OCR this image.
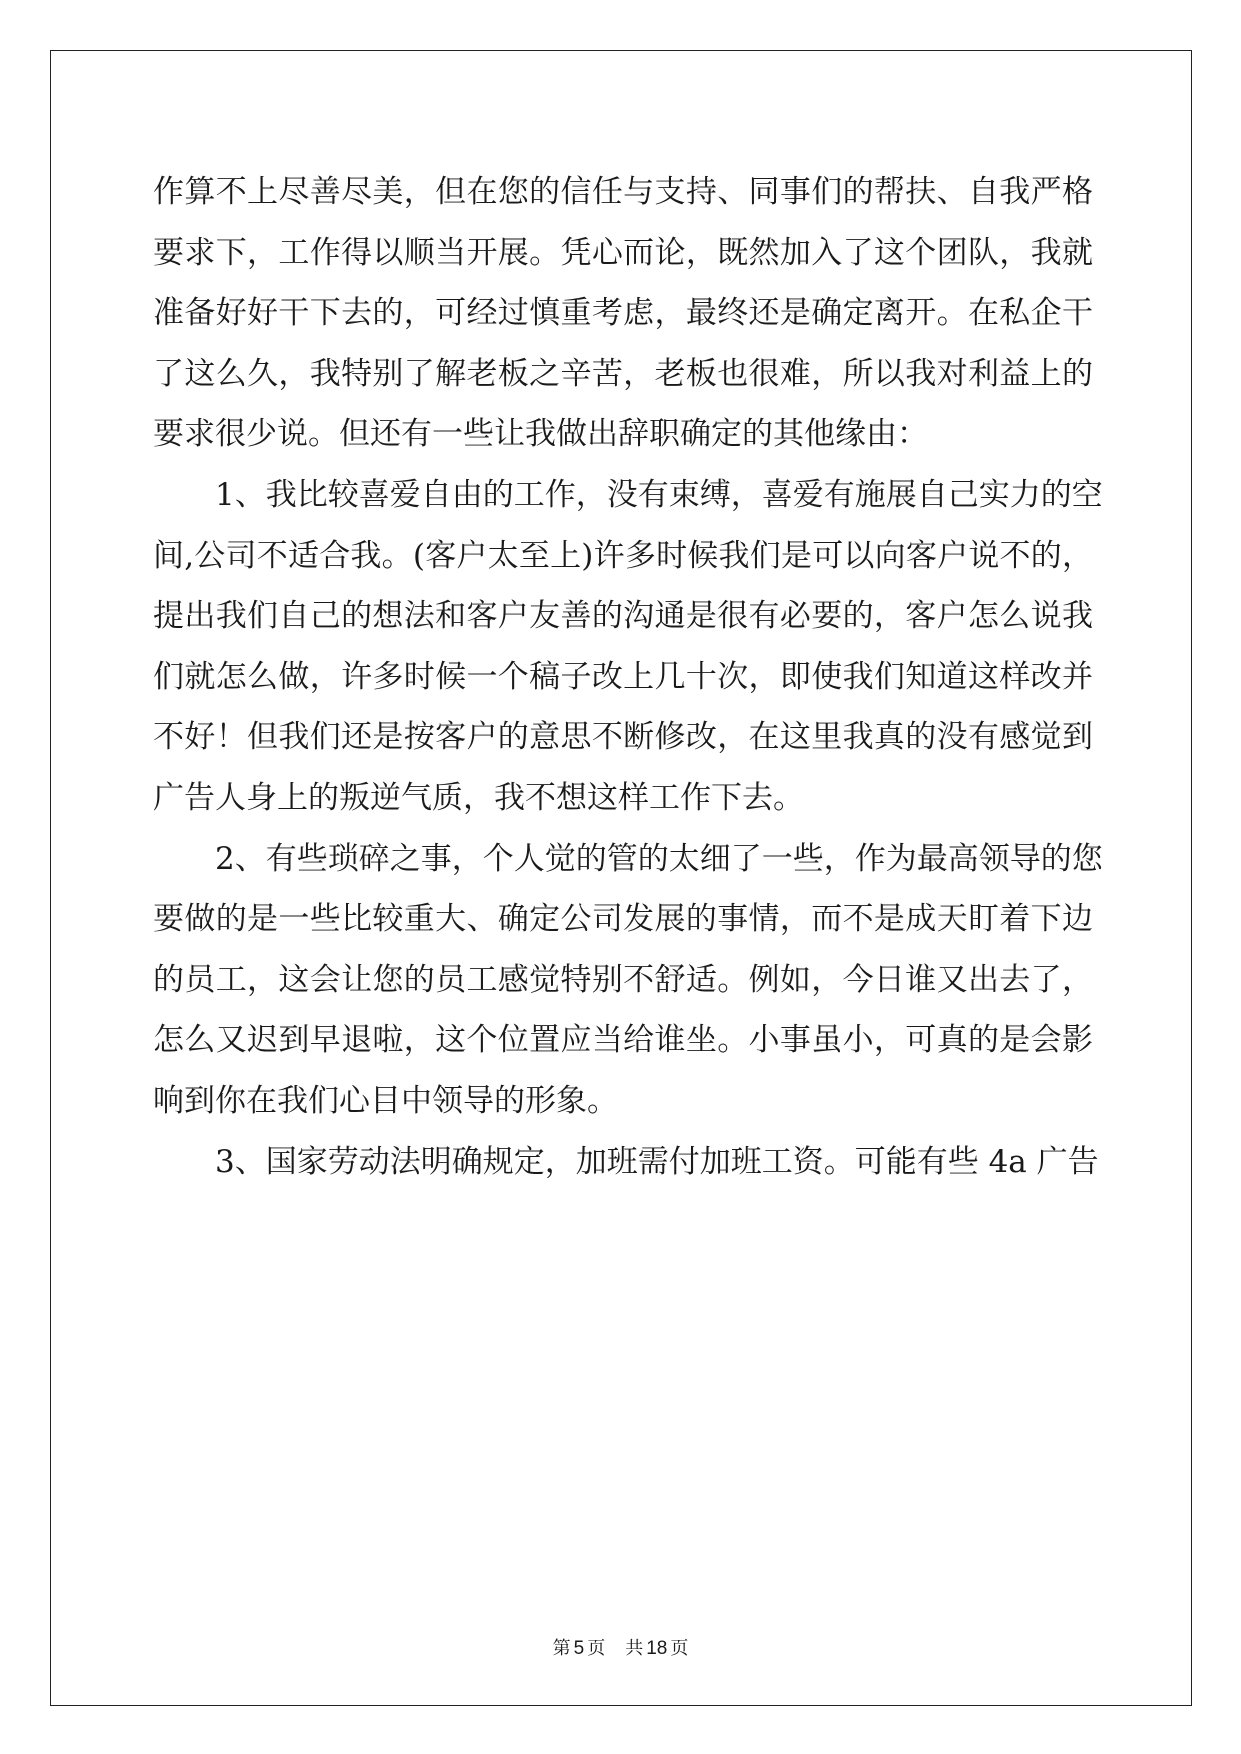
作算不上尽善尽美，但在您的信任与支持、同事们的帮扶、自我严格
要求下，工作得以顺当开展。凭心而论，既然加入了这个团队，我就
准备好好干下去的，可经过慎重考虑，最终还是确定离开。在私企干
了这么久，我特别了解老板之辛苦，老板也很难，所以我对利益上的
要求很少说。但还有一些让我做出辞职确定的其他缘由：
1、我比较喜爱自由的工作，没有束缚，喜爱有施展自己实力的空
间,公司不适合我。(客户太至上)许多时候我们是可以向客户说不的，
提出我们自己的想法和客户友善的沟通是很有必要的，客户怎么说我
们就怎么做，许多时候一个稿子改上几十次，即使我们知道这样改并
不好！但我们还是按客户的意思不断修改，在这里我真的没有感觉到
广告人身上的叛逆气质，我不想这样工作下去。
2、有些琐碎之事，个人觉的管的太细了一些，作为最高领导的您
要做的是一些比较重大、确定公司发展的事情，而不是成天盯着下边
的员工，这会让您的员工感觉特别不舒适。例如，今日谁又出去了，
怎么又迟到早退啦，这个位置应当给谁坐。小事虽小，可真的是会影
响到你在我们心目中领导的形象。
3、国家劳动法明确规定，加班需付加班工资。可能有些 4a 广告
第 5 页 共 18 页
